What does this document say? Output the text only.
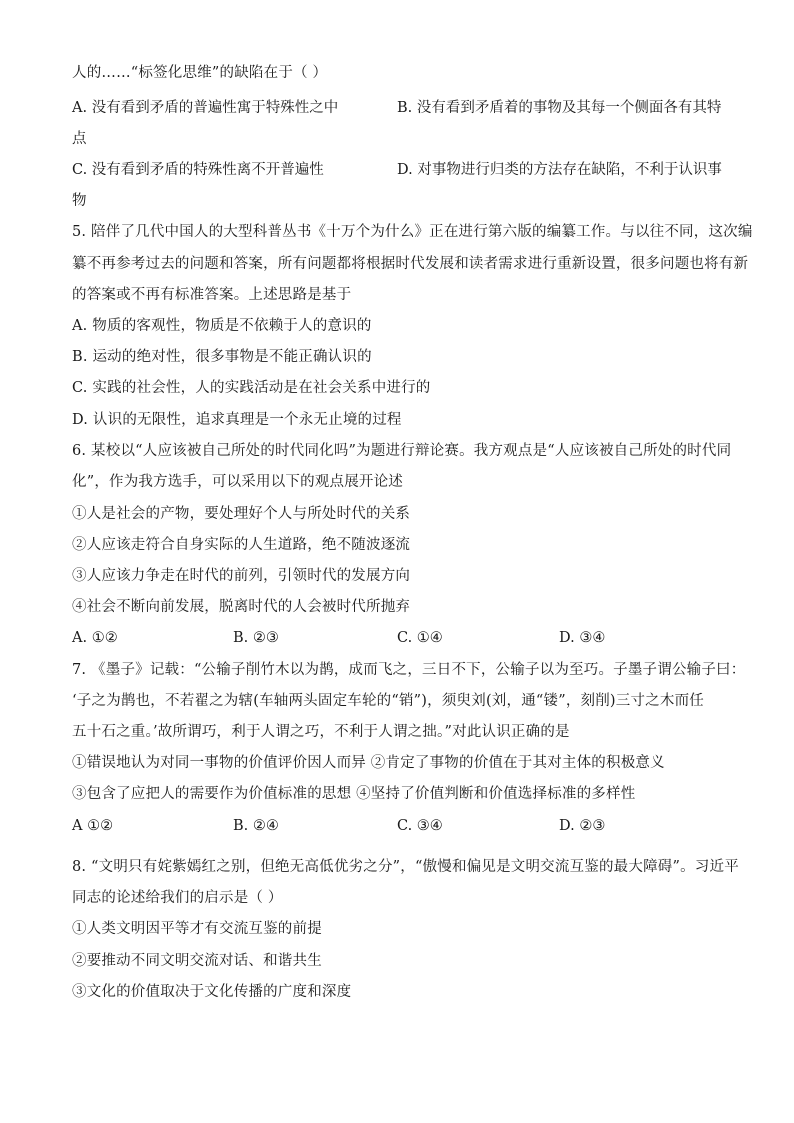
人的……“标签化思维”的缺陷在于（ ）
A. 没有看到矛盾的普遍性寓于特殊性之中	B. 没有看到矛盾着的事物及其每一个侧面各有其特
点
C. 没有看到矛盾的特殊性离不开普遍性	D. 对事物进行归类的方法存在缺陷，不利于认识事
物
5. 陪伴了几代中国人的大型科普丛书《十万个为什么》正在进行第六版的编纂工作。与以往不同，这次编
纂不再参考过去的问题和答案，所有问题都将根据时代发展和读者需求进行重新设置，很多问题也将有新
的答案或不再有标准答案。上述思路是基于
A. 物质的客观性，物质是不依赖于人的意识的
B. 运动的绝对性，很多事物是不能正确认识的
C. 实践的社会性，人的实践活动是在社会关系中进行的
D. 认识的无限性，追求真理是一个永无止境的过程
6. 某校以“人应该被自己所处的时代同化吗”为题进行辩论赛。我方观点是“人应该被自己所处的时代同
化”，作为我方选手，可以采用以下的观点展开论述
①人是社会的产物，要处理好个人与所处时代的关系
②人应该走符合自身实际的人生道路，绝不随波逐流
③人应该力争走在时代的前列，引领时代的发展方向
④社会不断向前发展，脱离时代的人会被时代所抛弃
A. ①②	B. ②③	C. ①④	D. ③④
7. 《墨子》记载：“公输子削竹木以为鹊，成而飞之，三日不下，公输子以为至巧。子墨子谓公输子曰：
‘子之为鹊也，不若翟之为辖(车轴两头固定车轮的“销”)，须臾刘(刘，通“镂”，刻削)三寸之木而任
五十石之重。’故所谓巧，利于人谓之巧，不利于人谓之拙。”对此认识正确的是
①错误地认为对同一事物的价值评价因人而异 ②肯定了事物的价值在于其对主体的积极意义
③包含了应把人的需要作为价值标准的思想 ④坚持了价值判断和价值选择标准的多样性
A ①②	B. ②④	C. ③④	D. ②③
8. “文明只有姹紫嫣红之别，但绝无高低优劣之分”，“傲慢和偏见是文明交流互鉴的最大障碍”。习近平
同志的论述给我们的启示是（ ）
①人类文明因平等才有交流互鉴的前提
②要推动不同文明交流对话、和谐共生
③文化的价值取决于文化传播的广度和深度
